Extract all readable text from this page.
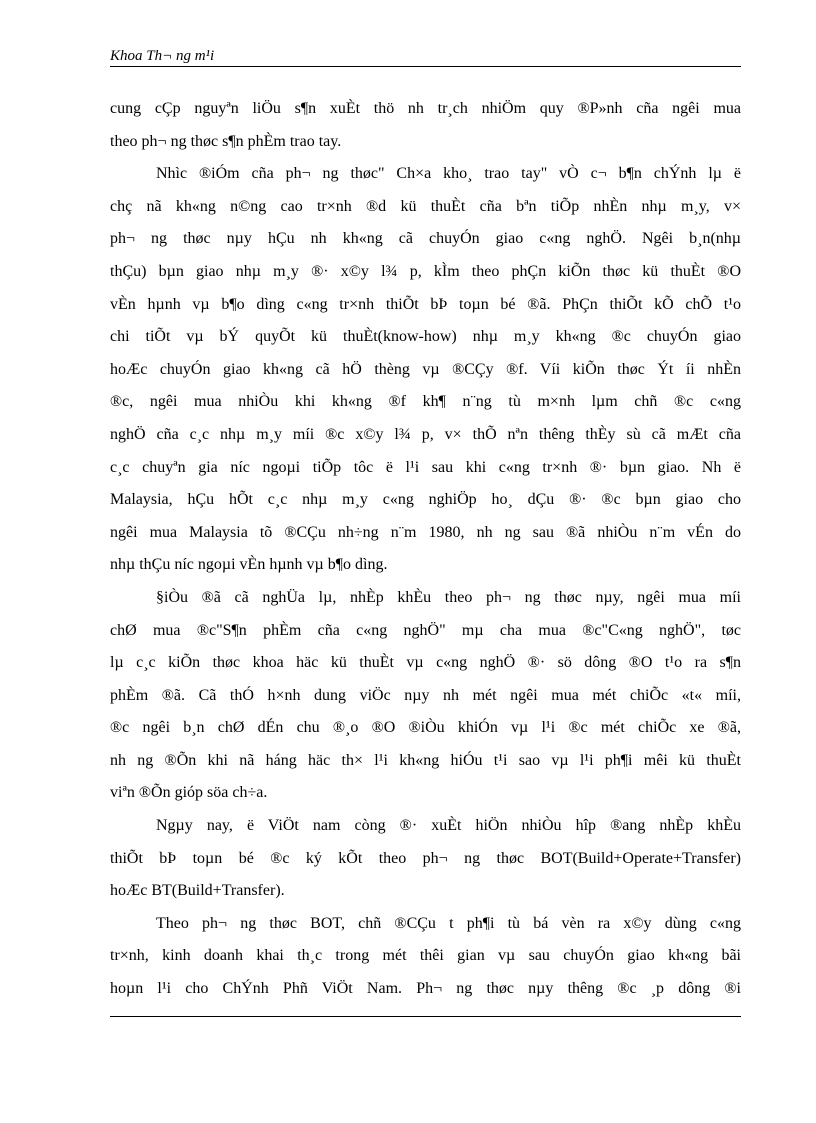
Khoa Th¬ ng m¹i

cung cÇp nguyªn liÖu s¶n xuÈt thö nh tr¸ch nhiÖm quy ®P»nh cña ngêi mua

theo ph¬ ng thøc s¶n phÈm trao tay.

Nhìc ®iÓm cña ph¬ ng thøc" Ch×a kho¸ trao tay" vÒ c¬ b¶n chÝnh lµ ë

chç nã kh«ng n©ng cao tr×nh ®d kü thuÈt cña bªn tiÕp nhÈn nhµ m¸y, v×

ph¬ ng thøc nµy hÇu nh kh«ng cã chuyÓn giao c«ng nghÖ. Ngêi b¸n(nhµ

thÇu) bµn giao nhµ m¸y ®· x©y l¾ p, kÌm theo phÇn kiÕn thøc kü thuÈt ®O

vÈn hµnh vµ b¶o dìng c«ng tr×nh thiÕt bÞ toµn bé ®ã. PhÇn thiÕt kÕ chÕ t¹o

chi tiÕt vµ bÝ quyÕt kü thuÈt(know-how) nhµ m¸y kh«ng ®c chuyÓn giao

hoÆc chuyÓn giao kh«ng cã hÖ thèng vµ ®CÇy ®f. Víi kiÕn thøc Ýt íi nhÈn

®c, ngêi mua nhiÒu khi kh«ng ®f kh¶ n¨ng tù m×nh lµm chñ ®c c«ng

nghÖ cña c¸c nhµ m¸y míi ®c x©y l¾ p, v× thÕ nªn thêng thÈy sù cã mÆt cña

c¸c chuyªn gia níc ngoµi tiÕp tôc ë l¹i sau khi c«ng tr×nh ®· bµn giao. Nh ë

Malaysia, hÇu hÕt c¸c nhµ m¸y c«ng nghiÖp ho¸ dÇu ®· ®c bµn giao cho

ngêi mua Malaysia tõ ®CÇu nh÷ng n¨m 1980, nh ng sau ®ã nhiÒu n¨m vÉn do

nhµ thÇu níc ngoµi vÈn hµnh vµ b¶o dìng.

§iÒu ®ã cã nghÜa lµ, nhÈp khÈu theo ph¬ ng thøc nµy, ngêi mua míi

chØ mua ®c"S¶n phÈm cña c«ng nghÖ" mµ cha mua ®c"C«ng nghÖ", tøc

lµ c¸c kiÕn thøc khoa häc kü thuÈt vµ c«ng nghÖ ®· sö dông ®O t¹o ra s¶n

phÈm ®ã. Cã thÓ h×nh dung viÖc nµy nh mét ngêi mua mét chiÕc «t« míi,

®c ngêi b¸n chØ dÉn chu ®¸o ®O ®iÒu khiÓn vµ l¹i ®c mét chiÕc xe ®ã,

nh ng ®Õn khi nã háng häc th× l¹i kh«ng hiÓu t¹i sao vµ l¹i ph¶i mêi kü thuÈt

viªn ®Õn gióp söa ch÷a.

Ngµy nay, ë ViÖt nam còng ®· xuÈt hiÖn nhiÒu hîp ®ang nhÈp khÈu

thiÕt bÞ toµn bé ®c ký kÕt theo ph¬ ng thøc BOT(Build+Operate+Transfer)

hoÆc BT(Build+Transfer).

Theo ph¬ ng thøc BOT, chñ ®CÇu t ph¶i tù bá vèn ra x©y dùng c«ng

tr×nh, kinh doanh khai th¸c trong mét thêi gian vµ sau chuyÓn giao kh«ng bãi

hoµn l¹i cho ChÝnh Phñ ViÖt Nam. Ph¬ ng thøc nµy thêng ®c ¸p dông ®i
